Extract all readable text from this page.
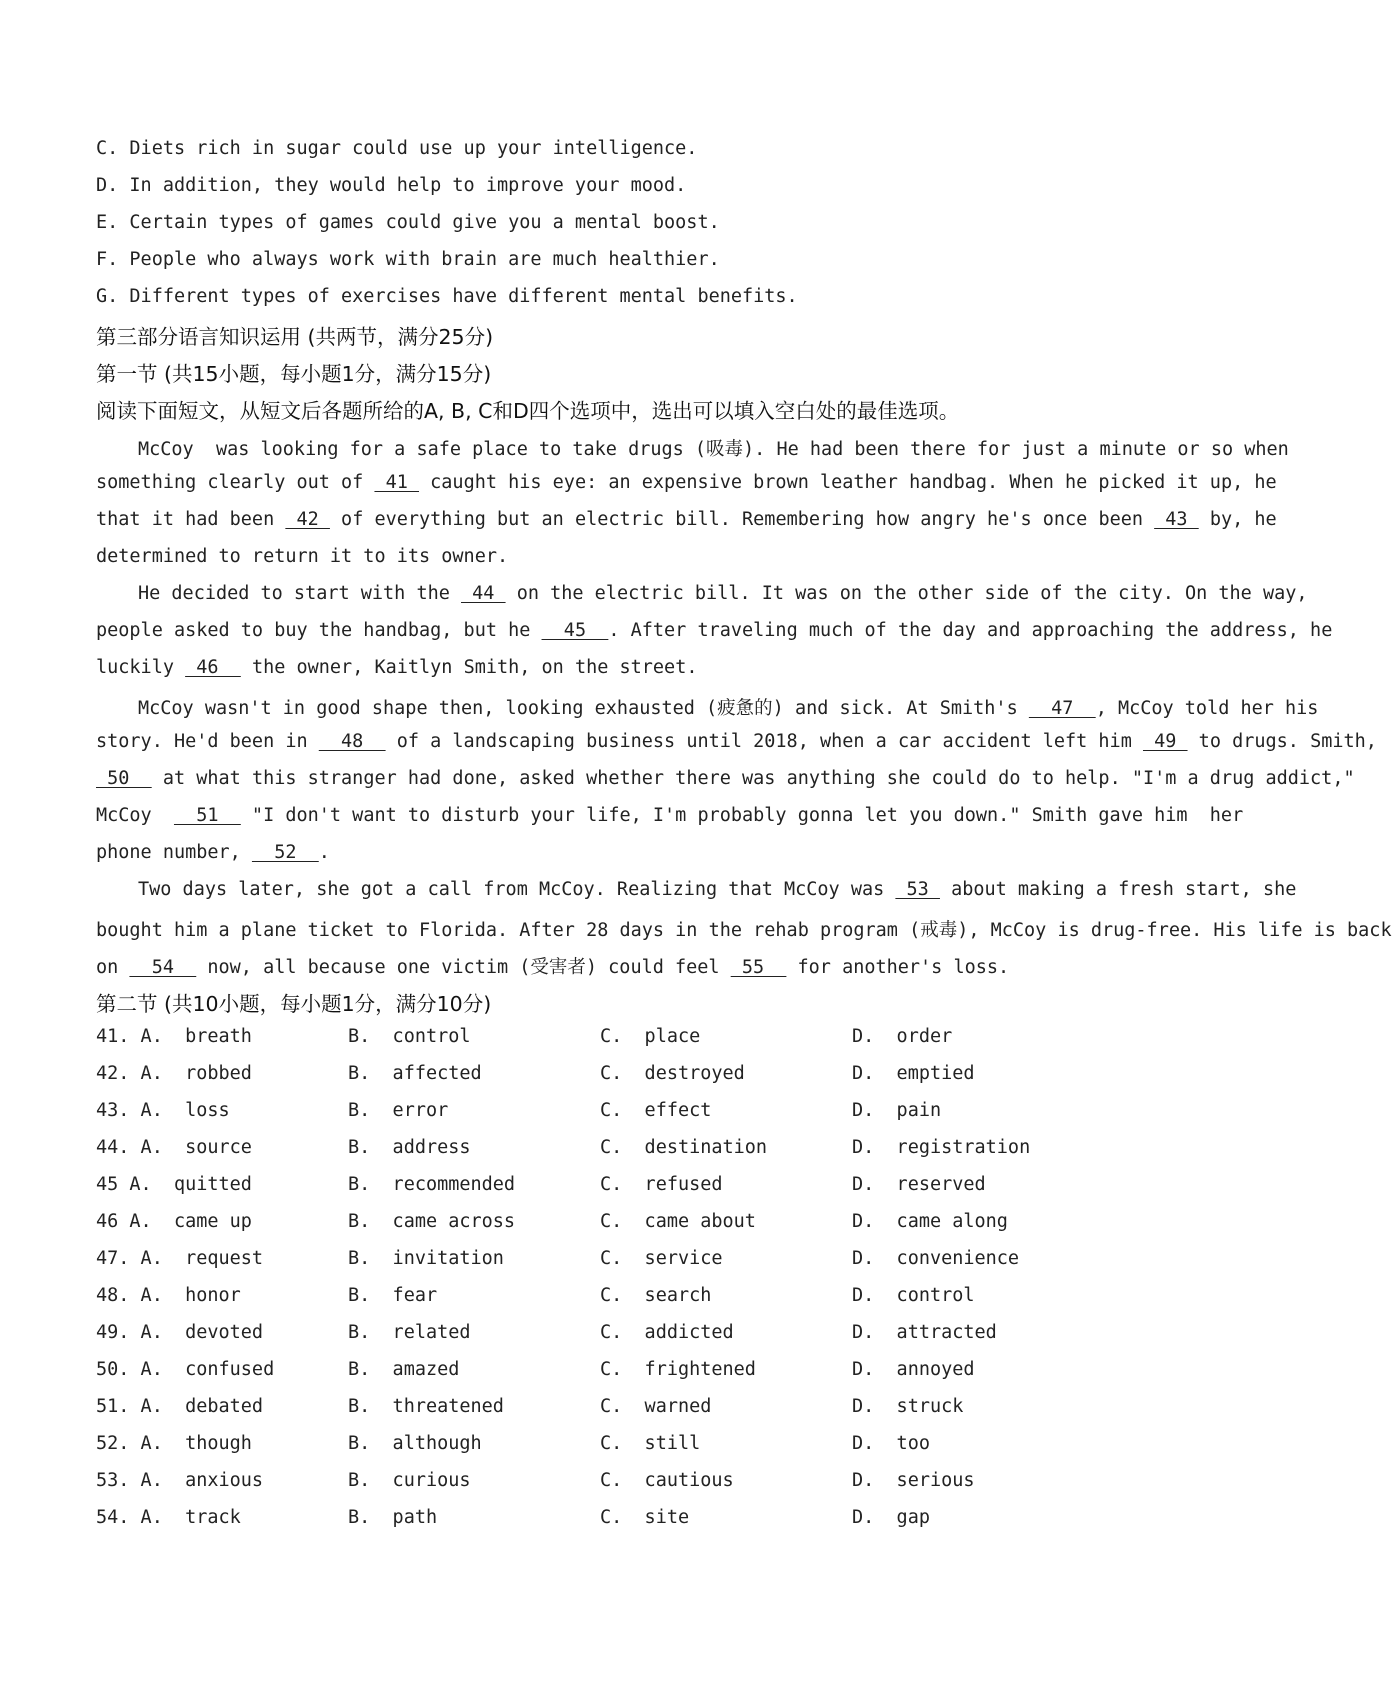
C. Diets rich in sugar could use up your intelligence.
D. In addition, they would help to improve your mood.
E. Certain types of games could give you a mental boost.
F. People who always work with brain are much healthier.
G. Different types of exercises have different mental benefits.
第三部分语言知识运用 (共两节，满分25分)
第一节 (共15小题，每小题1分，满分15分)
阅读下面短文，从短文后各题所给的A, B, C和D四个选项中，选出可以填入空白处的最佳选项。
McCoy  was looking for a safe place to take drugs (吸毒). He had been there for just a minute or so when
something clearly out of  41  caught his eye: an expensive brown leather handbag. When he picked it up, he
that it had been  42  of everything but an electric bill. Remembering how angry he's once been  43  by, he
determined to return it to its owner.
He decided to start with the  44  on the electric bill. It was on the other side of the city. On the way,
people asked to buy the handbag, but he   45  . After traveling much of the day and approaching the address, he
luckily  46   the owner, Kaitlyn Smith, on the street.
McCoy wasn't in good shape then, looking exhausted (疲惫的) and sick. At Smith's   47  , McCoy told her his
story. He'd been in   48   of a landscaping business until 2018, when a car accident left him  49  to drugs. Smith,
50   at what this stranger had done, asked whether there was anything she could do to help. "I'm a drug addict,"
McCoy    51   "I don't want to disturb your life, I'm probably gonna let you down." Smith gave him  her
phone number,   52  .
Two days later, she got a call from McCoy. Realizing that McCoy was  53  about making a fresh start, she
bought him a plane ticket to Florida. After 28 days in the rehab program (戒毒), McCoy is drug-free. His life is back
on   54   now, all because one victim (受害者) could feel  55   for another's loss.
第二节 (共10小题，每小题1分，满分10分)
41. A.  breath	B.  control	C.  place	D.  order
42. A.  robbed	B.  affected	C.  destroyed	D.  emptied
43. A.  loss	B.  error	C.  effect	D.  pain
44. A.  source	B.  address	C.  destination	D.  registration
45 A.  quitted	B.  recommended	C.  refused	D.  reserved
46 A.  came up	B.  came across	C.  came about	D.  came along
47. A.  request	B.  invitation	C.  service	D.  convenience
48. A.  honor	B.  fear	C.  search	D.  control
49. A.  devoted	B.  related	C.  addicted	D.  attracted
50. A.  confused	B.  amazed	C.  frightened	D.  annoyed
51. A.  debated	B.  threatened	C.  warned	D.  struck
52. A.  though	B.  although	C.  still	D.  too
53. A.  anxious	B.  curious	C.  cautious	D.  serious
54. A.  track	B.  path	C.  site	D.  gap
